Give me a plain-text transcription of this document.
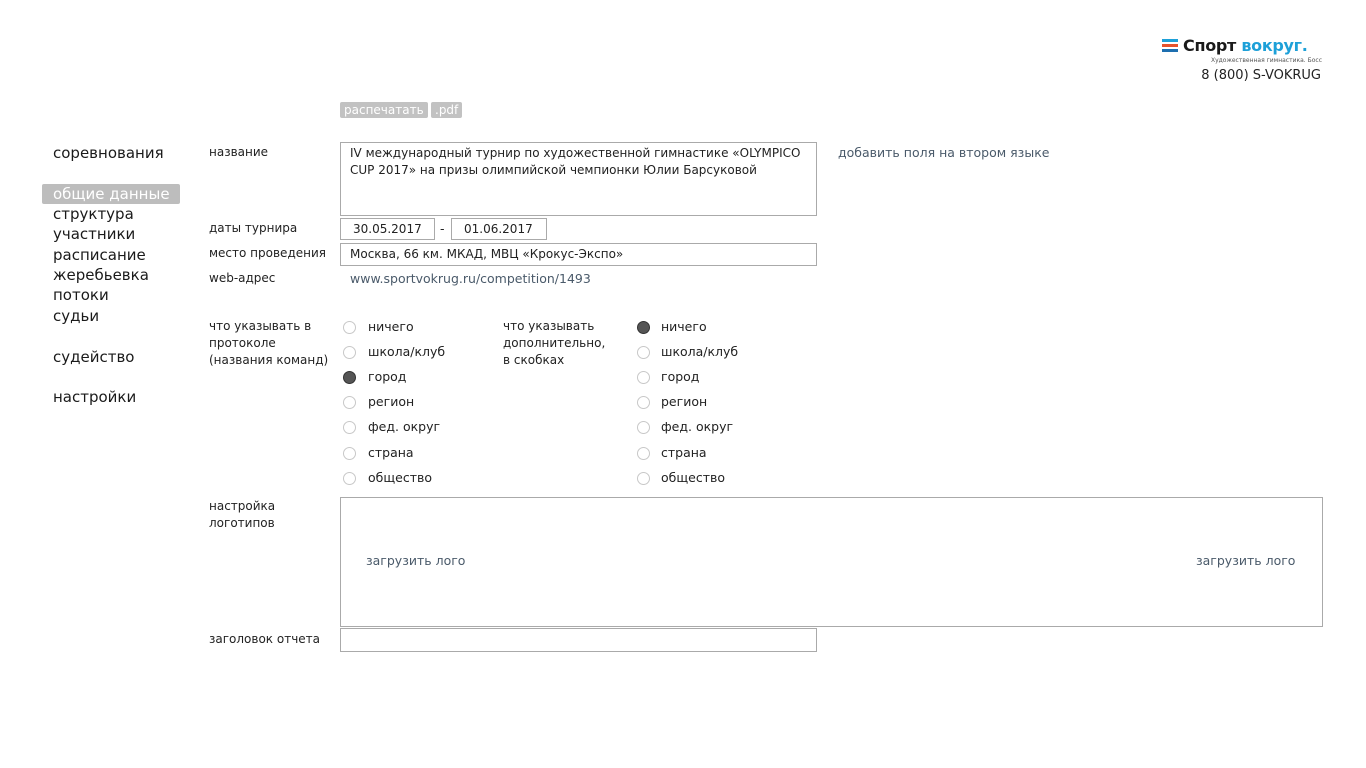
Спорт вокруг.
Художественная гимнастика. Босс
8 (800) S-VOKRUG
распечатать .pdf
соревнования
общие данные
структура
участники
расписание
жеребьевка
потоки
судьи
судейство
настройки
название	IV международный турнир по художественной гимнастике «OLYMPICO CUP 2017» на призы олимпийской чемпионки Юлии Барсуковой
добавить поля на втором языке
даты турнира	30.05.2017	-	01.06.2017
место проведения	Москва, 66 км. МКАД, МВЦ «Крокус-Экспо»
web-адрес	www.sportvokrug.ru/competition/1493
что указывать в
протоколе
(названия команд)
ничего
школа/клуб
город
регион
фед. округ
страна
общество
что указывать
дополнительно,
в скобках
ничего
школа/клуб
город
регион
фед. округ
страна
общество
настройка
логотипов
загрузить лого	загрузить лого
заголовок отчета
